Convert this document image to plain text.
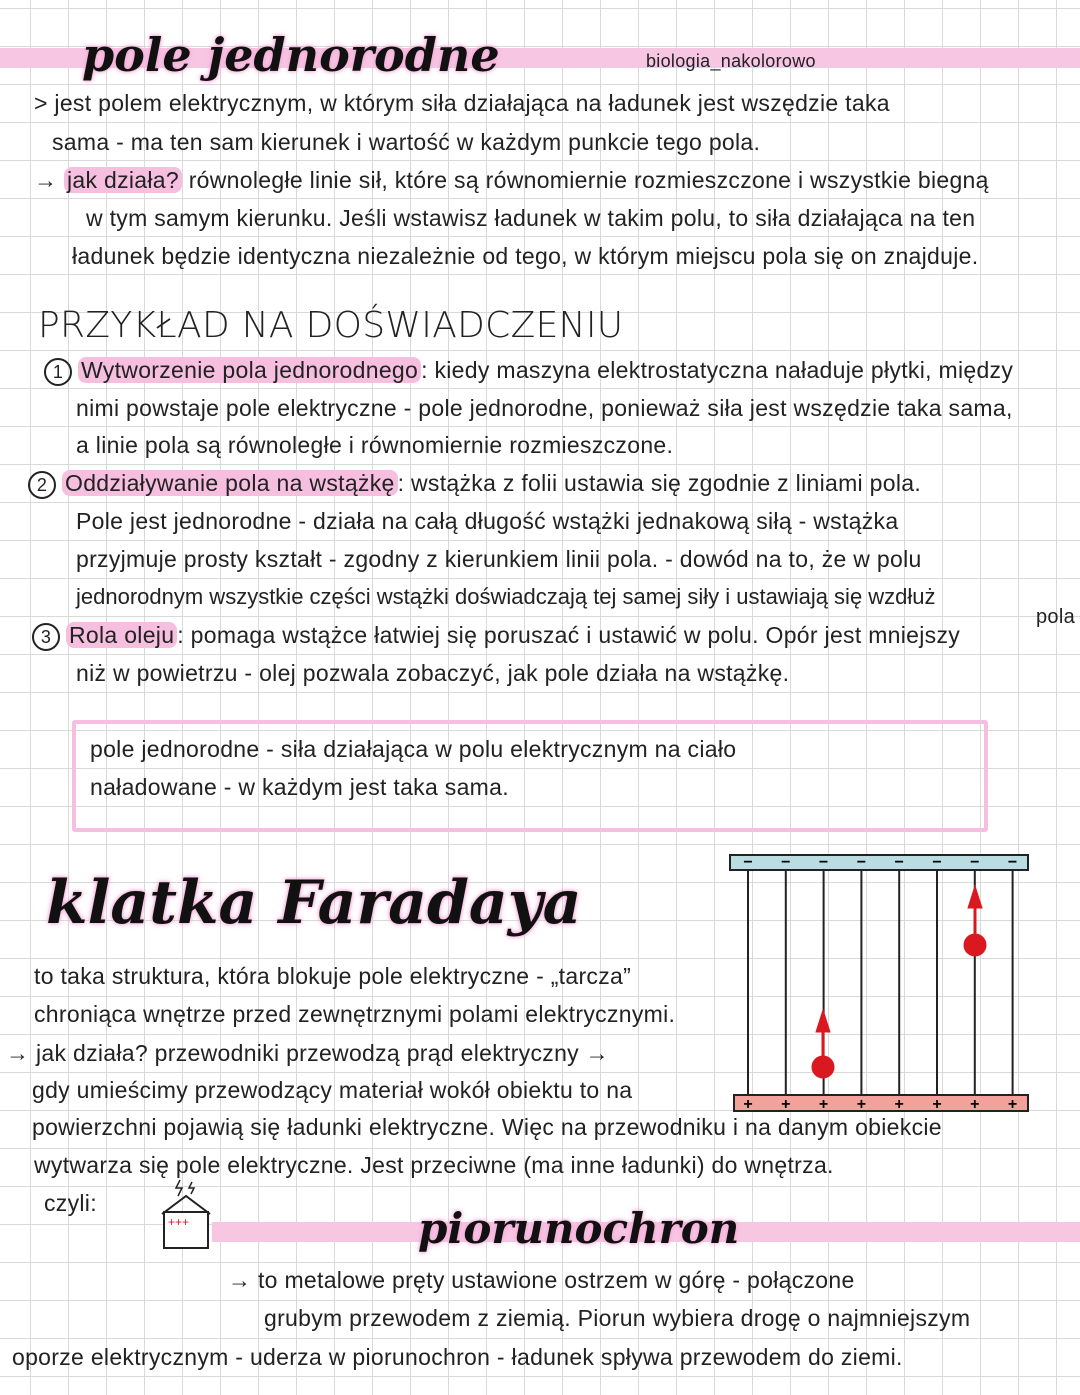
pole jednorodne	biologia_nakolorowo
> jest polem elektrycznym, w którym siła działająca na ładunek jest wszędzie taka
sama - ma ten sam kierunek i wartość w każdym punkcie tego pola.
→ jak działa? równoległe linie sił, które są równomiernie rozmieszczone i wszystkie biegną
w tym samym kierunku. Jeśli wstawisz ładunek w takim polu, to siła działająca na ten
ładunek będzie identyczna niezależnie od tego, w którym miejscu pola się on znajduje.
PRZYKŁAD NA DOŚWIADCZENIU
1 Wytworzenie pola jednorodnego : kiedy maszyna elektrostatyczna naładuje płytki, między
nimi powstaje pole elektryczne - pole jednorodne, ponieważ siła jest wszędzie taka sama,
a linie pola są równoległe i równomiernie rozmieszczone.
2 Oddziaływanie pola na wstążkę : wstążka z folii ustawia się zgodnie z liniami pola.
Pole jest jednorodne - działa na całą długość wstążki jednakową siłą - wstążka
przyjmuje prosty kształt - zgodny z kierunkiem linii pola. - dowód na to, że w polu
jednorodnym wszystkie części wstążki doświadczają tej samej siły i ustawiają się wzdłuż
pola
3 Rola oleju : pomaga wstążce łatwiej się poruszać i ustawić w polu. Opór jest mniejszy
niż w powietrzu - olej pozwala zobaczyć, jak pole działa na wstążkę.
pole jednorodne - siła działająca w polu elektrycznym na ciało
naładowane - w każdym jest taka sama.
klatka Faradaya
to taka struktura, która blokuje pole elektryczne - „tarcza”
chroniąca wnętrze przed zewnętrznymi polami elektrycznymi.
→ jak działa? przewodniki przewodzą prąd elektryczny →
gdy umieścimy przewodzący materiał wokół obiektu to na
powierzchni pojawią się ładunki elektryczne. Więc na przewodniku i na danym obiekcie
wytwarza się pole elektryczne. Jest przeciwne (ma inne ładunki) do wnętrza.
czyli:
+++
−
+
−
+
−
+
−
+
−
+
−
+
−
+
−
+
piorunochron
→ to metalowe pręty ustawione ostrzem w górę - połączone
grubym przewodem z ziemią. Piorun wybiera drogę o najmniejszym
oporze elektrycznym - uderza w piorunochron - ładunek spływa przewodem do ziemi.
